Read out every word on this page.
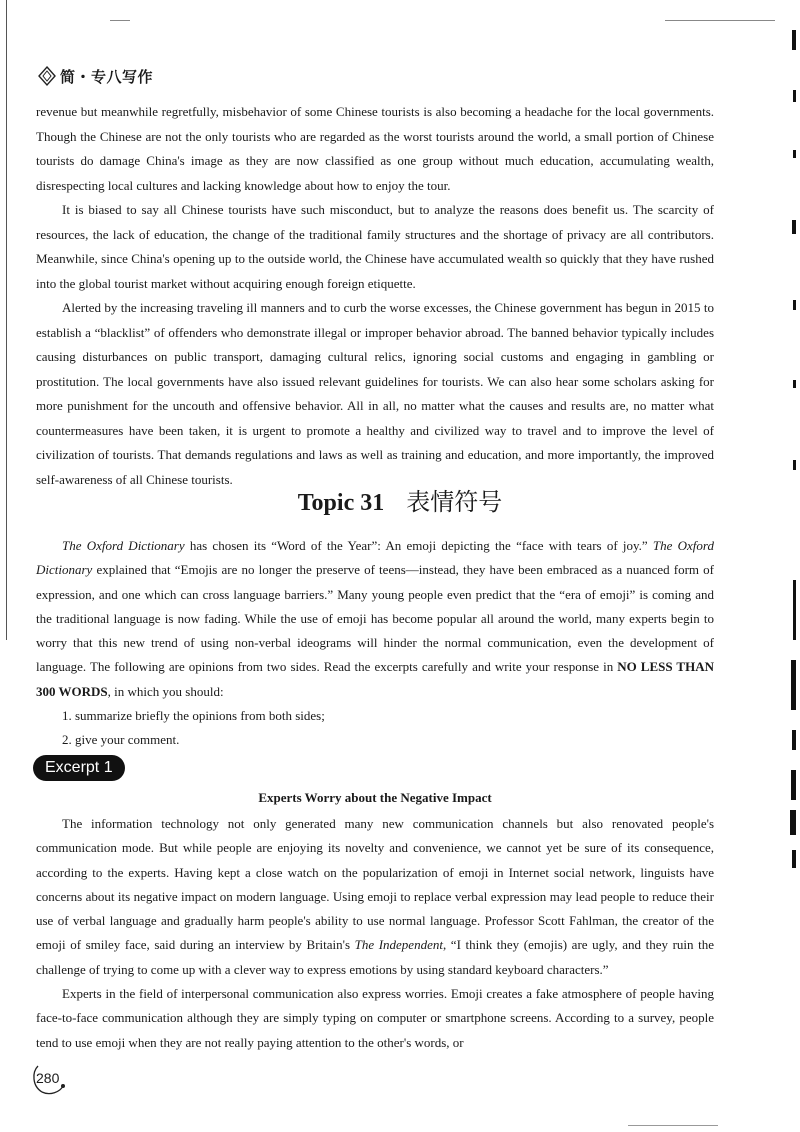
简・专八写作

revenue but meanwhile regretfully, misbehavior of some Chinese tourists is also becoming a headache for the local governments. Though the Chinese are not the only tourists who are regarded as the worst tourists around the world, a small portion of Chinese tourists do damage China's image as they are now classified as one group without much education, accumulating wealth, disrespecting local cultures and lacking knowledge about how to enjoy the tour.

It is biased to say all Chinese tourists have such misconduct, but to analyze the reasons does benefit us. The scarcity of resources, the lack of education, the change of the traditional family structures and the shortage of privacy are all contributors. Meanwhile, since China's opening up to the outside world, the Chinese have accumulated wealth so quickly that they have rushed into the global tourist market without acquiring enough foreign etiquette.

Alerted by the increasing traveling ill manners and to curb the worse excesses, the Chinese government has begun in 2015 to establish a “blacklist” of offenders who demonstrate illegal or improper behavior abroad. The banned behavior typically includes causing disturbances on public transport, damaging cultural relics, ignoring social customs and engaging in gambling or prostitution. The local governments have also issued relevant guidelines for tourists. We can also hear some scholars asking for more punishment for the uncouth and offensive behavior. All in all, no matter what the causes and results are, no matter what countermeasures have been taken, it is urgent to promote a healthy and civilized way to travel and to improve the level of civilization of tourists. That demands regulations and laws as well as training and education, and more importantly, the improved self-awareness of all Chinese tourists.

Topic 31 表情符号

The Oxford Dictionary has chosen its “Word of the Year”: An emoji depicting the “face with tears of joy.” The Oxford Dictionary explained that “Emojis are no longer the preserve of teens—instead, they have been embraced as a nuanced form of expression, and one which can cross language barriers.” Many young people even predict that the “era of emoji” is coming and the traditional language is now fading. While the use of emoji has become popular all around the world, many experts begin to worry that this new trend of using non-verbal ideograms will hinder the normal communication, even the development of language. The following are opinions from two sides. Read the excerpts carefully and write your response in NO LESS THAN 300 WORDS, in which you should:

1. summarize briefly the opinions from both sides;
2. give your comment.
Excerpt 1
Experts Worry about the Negative Impact

The information technology not only generated many new communication channels but also renovated people's communication mode. But while people are enjoying its novelty and convenience, we cannot yet be sure of its consequence, according to the experts. Having kept a close watch on the popularization of emoji in Internet social network, linguists have concerns about its negative impact on modern language. Using emoji to replace verbal expression may lead people to reduce their use of verbal language and gradually harm people's ability to use normal language. Professor Scott Fahlman, the creator of the emoji of smiley face, said during an interview by Britain's The Independent, “I think they (emojis) are ugly, and they ruin the challenge of trying to come up with a clever way to express emotions by using standard keyboard characters.”

Experts in the field of interpersonal communication also express worries. Emoji creates a fake atmosphere of people having face-to-face communication although they are simply typing on computer or smartphone screens. According to a survey, people tend to use emoji when they are not really paying attention to the other's words, or

280
